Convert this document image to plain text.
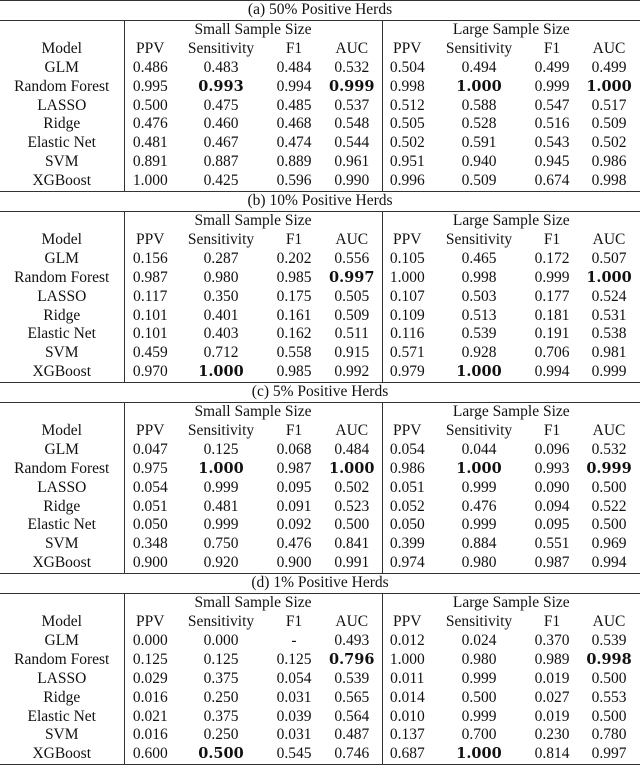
(a) 50% Positive Herds								
	Small Sample Size				Large Sample Size			
Model	PPV	Sensitivity	F1	AUC	PPV	Sensitivity	F1	AUC
GLM	0.486	0.483	0.484	0.532	0.504	0.494	0.499	0.499
Random Forest	0.995	0.993	0.994	0.999	0.998	1.000	0.999	1.000
LASSO	0.500	0.475	0.485	0.537	0.512	0.588	0.547	0.517
Ridge	0.476	0.460	0.468	0.548	0.505	0.528	0.516	0.509
Elastic Net	0.481	0.467	0.474	0.544	0.502	0.591	0.543	0.502
SVM	0.891	0.887	0.889	0.961	0.951	0.940	0.945	0.986
XGBoost	1.000	0.425	0.596	0.990	0.996	0.509	0.674	0.998
(b) 10% Positive Herds								
	Small Sample Size				Large Sample Size			
Model	PPV	Sensitivity	F1	AUC	PPV	Sensitivity	F1	AUC
GLM	0.156	0.287	0.202	0.556	0.105	0.465	0.172	0.507
Random Forest	0.987	0.980	0.985	0.997	1.000	0.998	0.999	1.000
LASSO	0.117	0.350	0.175	0.505	0.107	0.503	0.177	0.524
Ridge	0.101	0.401	0.161	0.509	0.109	0.513	0.181	0.531
Elastic Net	0.101	0.403	0.162	0.511	0.116	0.539	0.191	0.538
SVM	0.459	0.712	0.558	0.915	0.571	0.928	0.706	0.981
XGBoost	0.970	1.000	0.985	0.992	0.979	1.000	0.994	0.999
(c) 5% Positive Herds								
	Small Sample Size				Large Sample Size			
Model	PPV	Sensitivity	F1	AUC	PPV	Sensitivity	F1	AUC
GLM	0.047	0.125	0.068	0.484	0.054	0.044	0.096	0.532
Random Forest	0.975	1.000	0.987	1.000	0.986	1.000	0.993	0.999
LASSO	0.054	0.999	0.095	0.502	0.051	0.999	0.090	0.500
Ridge	0.051	0.481	0.091	0.523	0.052	0.476	0.094	0.522
Elastic Net	0.050	0.999	0.092	0.500	0.050	0.999	0.095	0.500
SVM	0.348	0.750	0.476	0.841	0.399	0.884	0.551	0.969
XGBoost	0.900	0.920	0.900	0.991	0.974	0.980	0.987	0.994
(d) 1% Positive Herds								
	Small Sample Size				Large Sample Size			
Model	PPV	Sensitivity	F1	AUC	PPV	Sensitivity	F1	AUC
GLM	0.000	0.000	-	0.493	0.012	0.024	0.370	0.539
Random Forest	0.125	0.125	0.125	0.796	1.000	0.980	0.989	0.998
LASSO	0.029	0.375	0.054	0.539	0.011	0.999	0.019	0.500
Ridge	0.016	0.250	0.031	0.565	0.014	0.500	0.027	0.553
Elastic Net	0.021	0.375	0.039	0.564	0.010	0.999	0.019	0.500
SVM	0.016	0.250	0.031	0.487	0.137	0.700	0.230	0.780
XGBoost	0.600	0.500	0.545	0.746	0.687	1.000	0.814	0.997
